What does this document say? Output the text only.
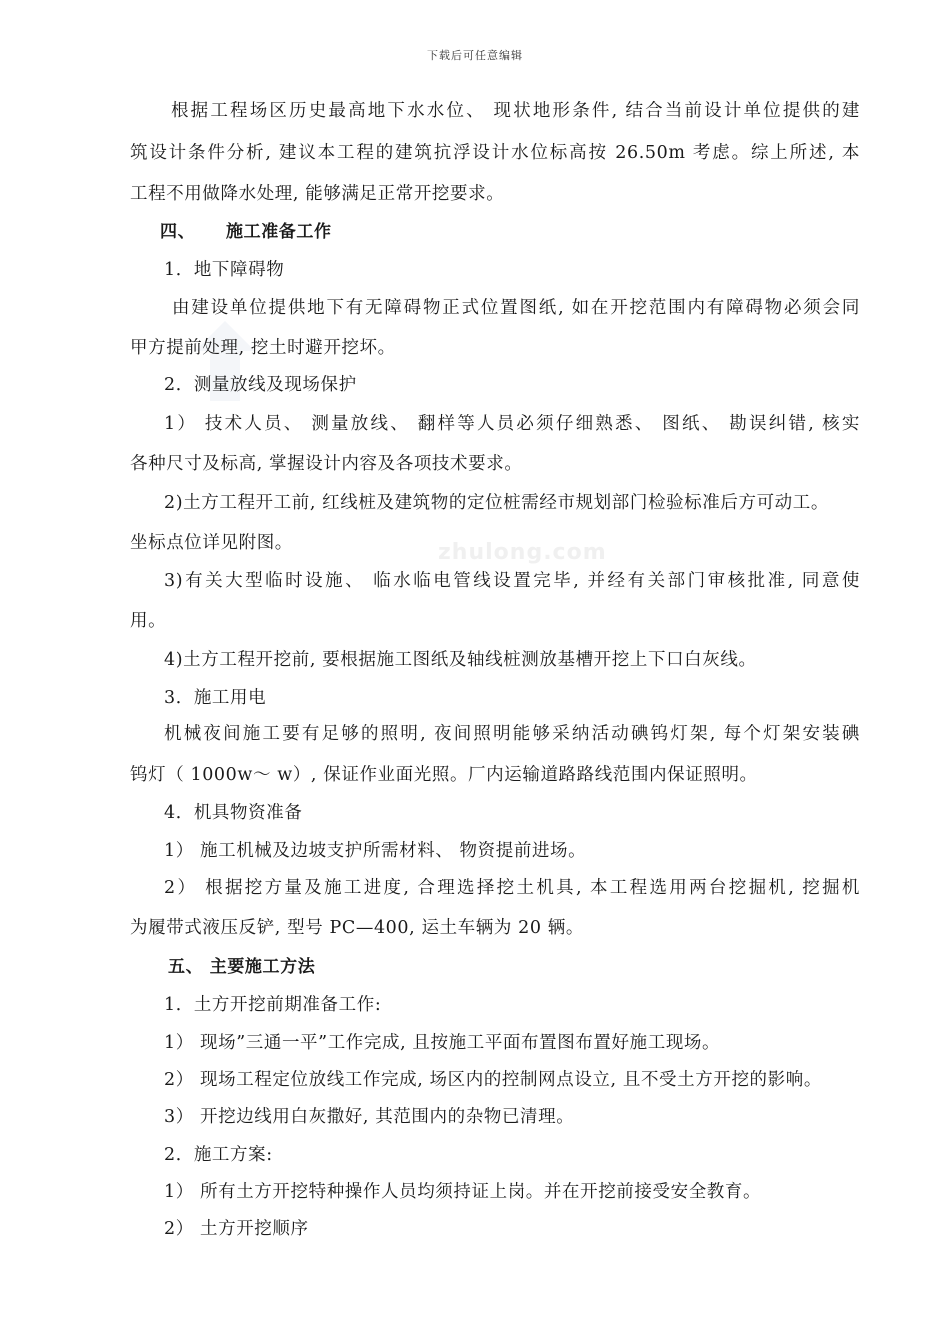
下载后可任意编辑
zhulong.com
根据工程场区历史最高地下水水位、 现状地形条件, 结合当前设计单位提供的建
筑设计条件分析, 建议本工程的建筑抗浮设计水位标高按 26.50m 考虑。综上所述, 本
工程不用做降水处理, 能够满足正常开挖要求。
四、 施工准备工作
1．地下障碍物
由建设单位提供地下有无障碍物正式位置图纸, 如在开挖范围内有障碍物必须会同
甲方提前处理, 挖土时避开挖坏。
2．测量放线及现场保护
1） 技术人员、 测量放线、 翻样等人员必须仔细熟悉、 图纸、 勘误纠错, 核实
各种尺寸及标高, 掌握设计内容及各项技术要求。
2)土方工程开工前, 红线桩及建筑物的定位桩需经市规划部门检验标准后方可动工。
坐标点位详见附图。
3)有关大型临时设施、 临水临电管线设置完毕, 并经有关部门审核批准, 同意使
用。
4)土方工程开挖前, 要根据施工图纸及轴线桩测放基槽开挖上下口白灰线。
3．施工用电
机械夜间施工要有足够的照明, 夜间照明能够采纳活动碘钨灯架, 每个灯架安装碘
钨灯（ 1000w～ w）, 保证作业面光照。厂内运输道路路线范围内保证照明。
4．机具物资准备
1） 施工机械及边坡支护所需材料、 物资提前进场。
2） 根据挖方量及施工进度, 合理选择挖土机具, 本工程选用两台挖掘机, 挖掘机
为履带式液压反铲, 型号 PC—400, 运土车辆为 20 辆。
五、 主要施工方法
1．土方开挖前期准备工作:
1） 现场”三通一平”工作完成, 且按施工平面布置图布置好施工现场。
2） 现场工程定位放线工作完成, 场区内的控制网点设立, 且不受土方开挖的影响。
3） 开挖边线用白灰撒好, 其范围内的杂物已清理。
2．施工方案:
1） 所有土方开挖特种操作人员均须持证上岗。并在开挖前接受安全教育。
2） 土方开挖顺序
